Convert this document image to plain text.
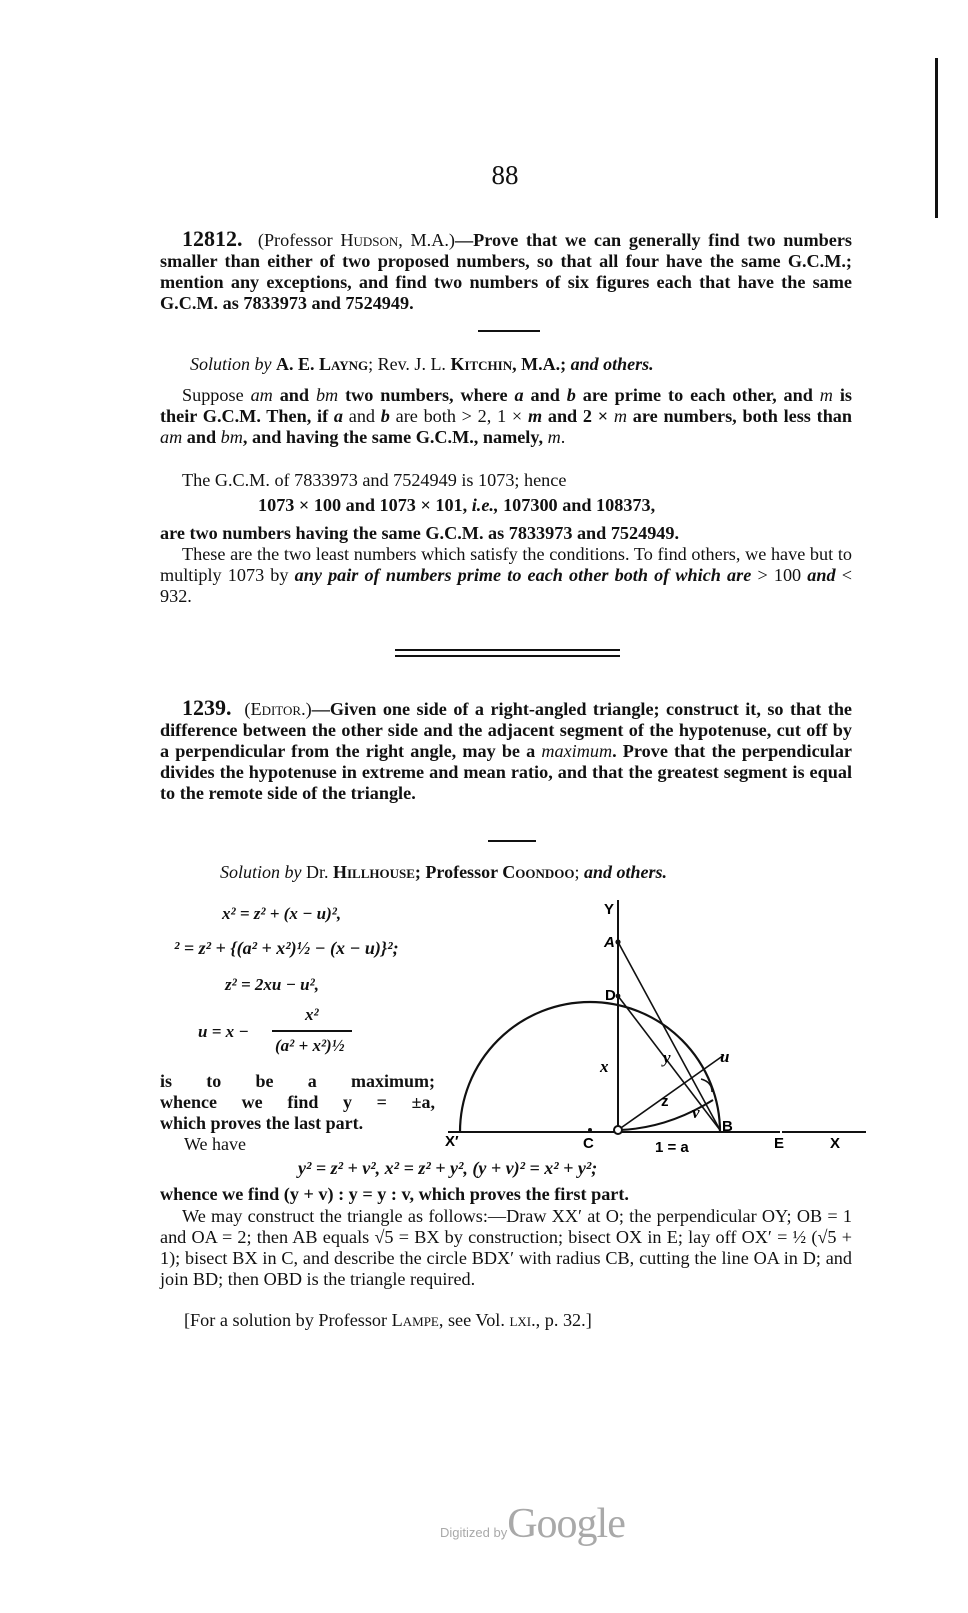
88
12812. (Professor Hudson, M.A.)—Prove that we can generally find two numbers smaller than either of two proposed numbers, so that all four have the same G.C.M.; mention any exceptions, and find two numbers of six figures each that have the same G.C.M. as 7833973 and 7524949.
Solution by A. E. Layng; Rev. J. L. Kitchin, M.A.; and others.
Suppose am and bm two numbers, where a and b are prime to each other, and m is their G.C.M. Then, if a and b are both > 2, 1 × m and 2 × m are numbers, both less than am and bm, and having the same G.C.M., namely, m.
The G.C.M. of 7833973 and 7524949 is 1073; hence
1073 × 100 and 1073 × 101, i.e., 107300 and 108373,
are two numbers having the same G.C.M. as 7833973 and 7524949.
These are the two least numbers which satisfy the conditions. To find others, we have but to multiply 1073 by any pair of numbers prime to each other both of which are > 100 and < 932.
1239. (Editor.)—Given one side of a right-angled triangle; construct it, so that the difference between the other side and the adjacent segment of the hypotenuse, cut off by a perpendicular from the right angle, may be a maximum. Prove that the perpendicular divides the hypotenuse in extreme and mean ratio, and that the greatest segment is equal to the remote side of the triangle.
Solution by Dr. Hillhouse; Professor Coondoo; and others.
x² = z² + (x − u)²,
² = z² + {(a² + x²)½ − (x − u)}²;
z² = 2xu − u²,
u = x −
x²
(a² + x²)½
is to be a maximum;
whence we find y = ±a,
which proves the last part.
We have
Y
A
D
x	y	u
z
v
B
X′	C	1 = a	E	X
y² = z² + v², x² = z² + y², (y + v)² = x² + y²;
whence we find (y + v) : y = y : v, which proves the first part.
We may construct the triangle as follows:—Draw XX′ at O; the perpendicular OY; OB = 1 and OA = 2; then AB equals √5 = BX by construction; bisect OX in E; lay off OX′ = ½ (√5 + 1); bisect BX in C, and describe the circle BDX′ with radius CB, cutting the line OA in D; and join BD; then OBD is the triangle required.
[For a solution by Professor Lampe, see Vol. lxi., p. 32.]
Digitized byGoogle
